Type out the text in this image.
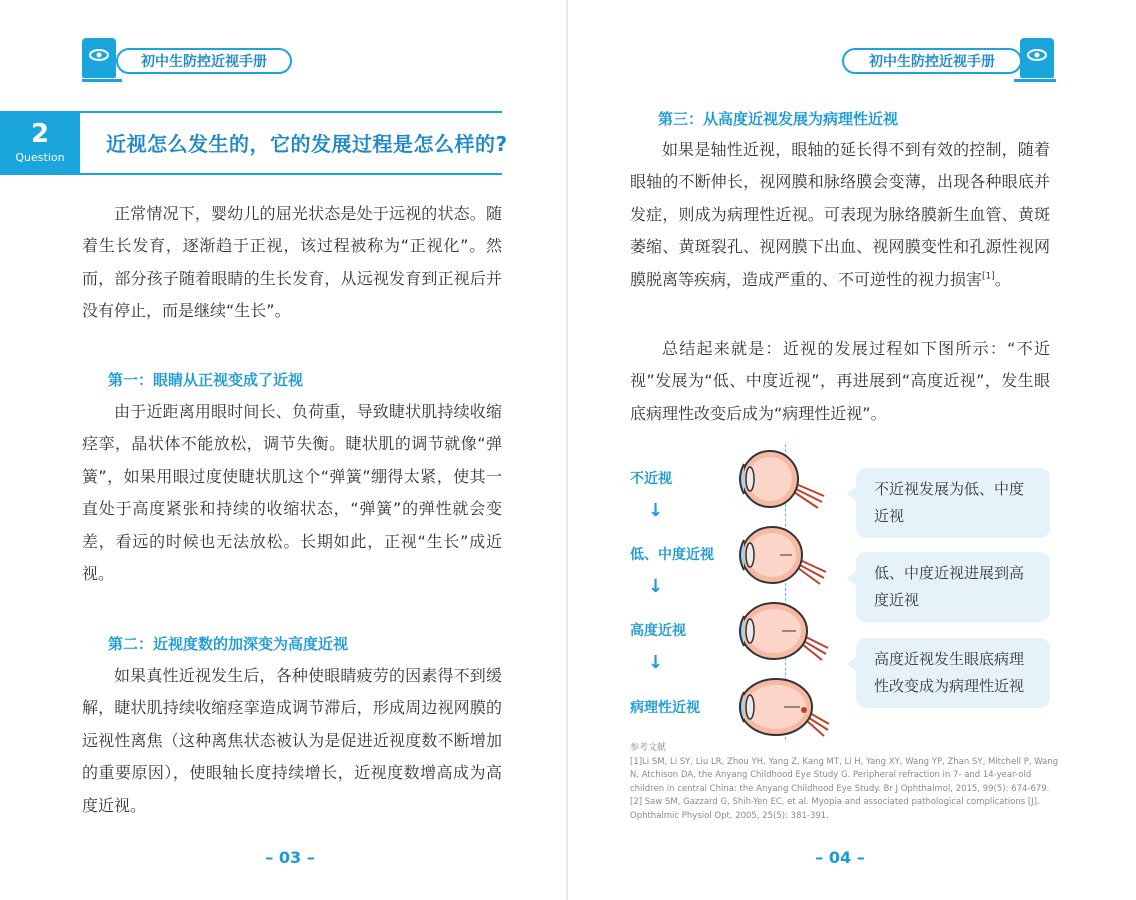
初中生防控近视手册
2
Question
近视怎么发生的，它的发展过程是怎么样的?
正常情况下，婴幼儿的屈光状态是处于远视的状态。随着生长发育，逐渐趋于正视，该过程被称为“正视化”。然而，部分孩子随着眼睛的生长发育，从远视发育到正视后并没有停止，而是继续“生长”。
第一：眼睛从正视变成了近视
由于近距离用眼时间长、负荷重，导致睫状肌持续收缩痉挛，晶状体不能放松，调节失衡。睫状肌的调节就像“弹簧”，如果用眼过度使睫状肌这个“弹簧”绷得太紧，使其一直处于高度紧张和持续的收缩状态，“弹簧”的弹性就会变差，看远的时候也无法放松。长期如此，正视“生长”成近视。
第二：近视度数的加深变为高度近视
如果真性近视发生后，各种使眼睛疲劳的因素得不到缓解，睫状肌持续收缩痉挛造成调节滞后，形成周边视网膜的远视性离焦（这种离焦状态被认为是促进近视度数不断增加的重要原因），使眼轴长度持续增长，近视度数增高成为高度近视。
– 03 –
初中生防控近视手册
第三：从高度近视发展为病理性近视
如果是轴性近视，眼轴的延长得不到有效的控制，随着眼轴的不断伸长，视网膜和脉络膜会变薄，出现各种眼底并发症，则成为病理性近视。可表现为脉络膜新生血管、黄斑萎缩、黄斑裂孔、视网膜下出血、视网膜变性和孔源性视网膜脱离等疾病，造成严重的、不可逆性的视力损害[1]。
总结起来就是：近视的发展过程如下图所示：“不近视”发展为“低、中度近视”，再进展到“高度近视”，发生眼底病理性改变后成为“病理性近视”。
不近视
↓
低、中度近视
↓
高度近视
↓
病理性近视
不近视发展为低、中度近视
低、中度近视进展到高度近视
高度近视发生眼底病理性改变成为病理性近视
参考文献
[1]Li SM, Li SY, Liu LR, Zhou YH, Yang Z, Kang MT, Li H, Yang XY, Wang YP, Zhan SY, Mitchell P, Wang N, Atchison DA, the Anyang Childhood Eye Study G. Peripheral refraction in 7- and 14-year-old children in central China: the Anyang Childhood Eye Study. Br J Ophthalmol, 2015, 99(5): 674-679.
[2] Saw SM, Gazzard G, Shih-Yen EC, et al. Myopia and associated pathological complications [J]. Ophthalmic Physiol Opt, 2005, 25(5): 381-391.
– 04 –
